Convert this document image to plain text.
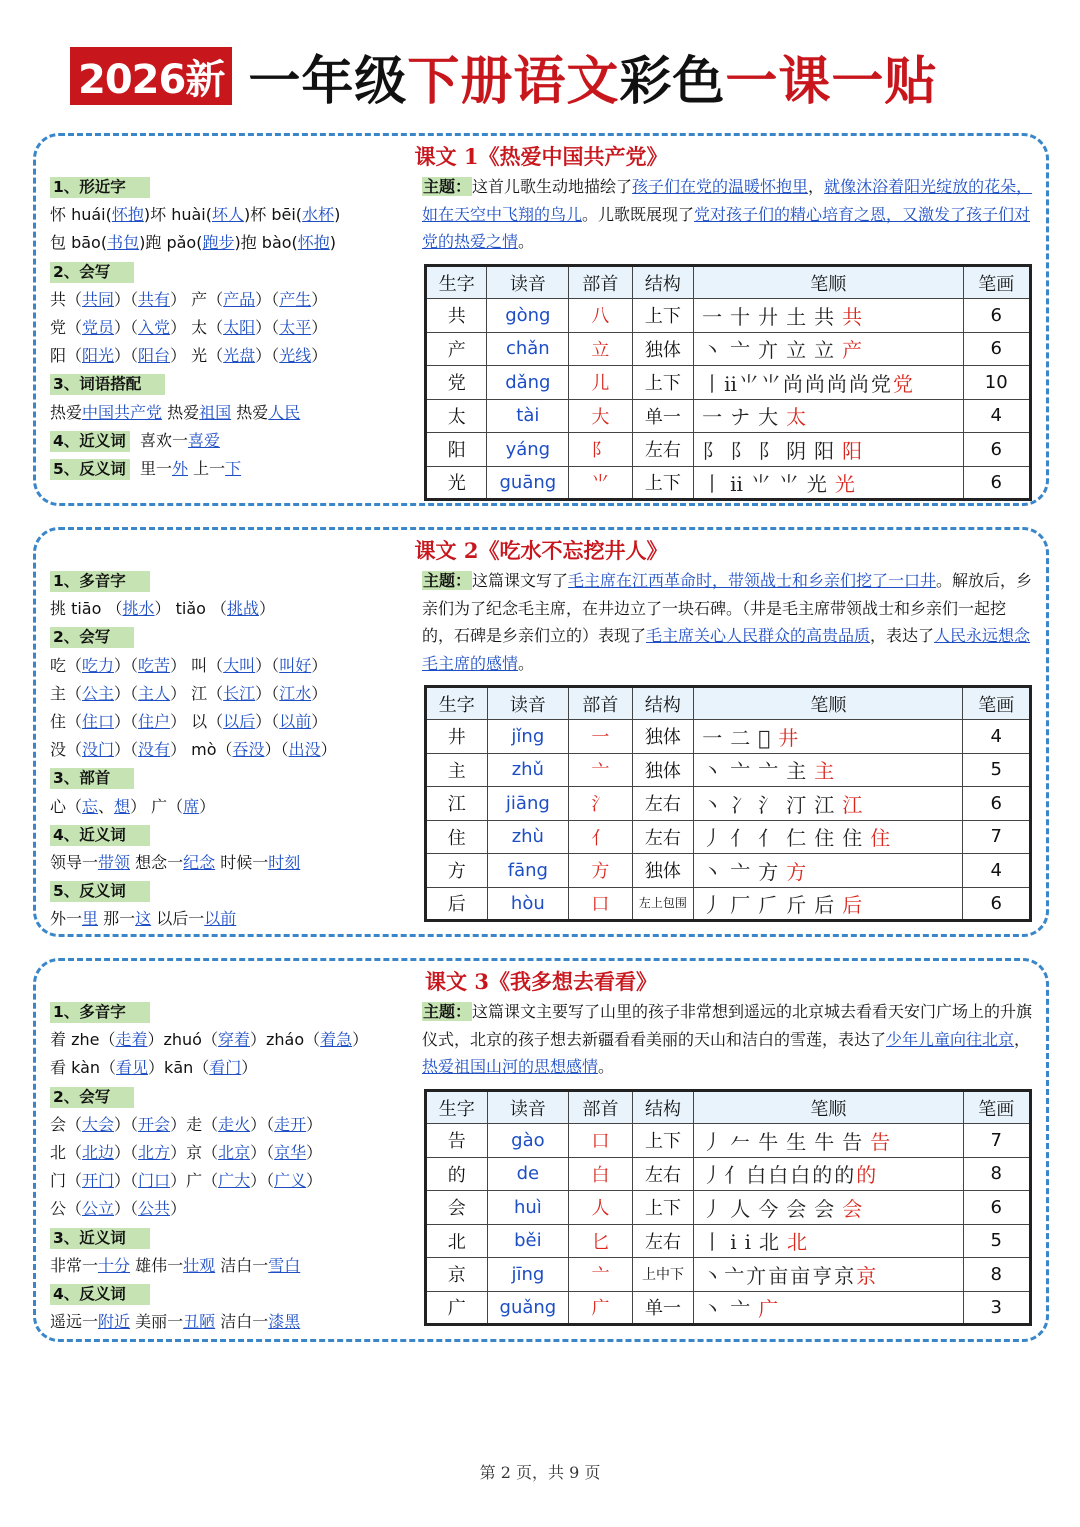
2026新 一年级下册语文彩色一课一贴
课文 1《热爱中国共产党》
1、形近字
怀 huái(怀抱)坏 huài(坏人)杯 bēi(水杯)
包 bāo(书包)跑 pǎo(跑步)抱 bào(怀抱)
2、会写
共（共同）（共有） 产（产品）（产生）
党（党员）（入党） 太（太阳）（太平）
阳（阳光）（阳台） 光（光盘）（光线）
3、词语搭配
热爱中国共产党 热爱祖国 热爱人民
4、近义词 喜欢一喜爱
5、反义词 里一外 上一下
主题：这首儿歌生动地描绘了孩子们在党的温暖怀抱里，就像沐浴着阳光绽放的花朵，如在天空中飞翔的鸟儿。儿歌既展现了党对孩子们的精心培育之恩，又激发了孩子们对党的热爱之情。
生字	读音	部首	结构	笔顺	笔画
共	gòng	八	上下	一十廾土共共	6
产	chǎn	立	独体	丶亠亣立立产	6
党	dǎng	儿	上下	丨ⅱ⺌⺌尚尚尚尚党党	10
太	tài	大	单一	一ナ大太	4
阳	yáng	阝	左右	阝阝阝阴阳阳	6
光	guāng	⺌	上下	丨ⅱ⺌⺌光光	6
课文 2《吃水不忘挖井人》
1、多音字
挑 tiāo （挑水） tiǎo （挑战）
2、会写
吃（吃力）（吃苦） 叫（大叫）（叫好）
主（公主）（主人） 江（长江）（江水）
住（住口）（住户） 以（以后）（以前）
没（没门）（没有） mò（吞没）（出没）
3、部首
心（忘、想） 广（席）
4、近义词
领导一带领 想念一纪念 时候一时刻
5、反义词
外一里 那一这 以后一以前
主题：这篇课文写了毛主席在江西革命时，带领战士和乡亲们挖了一口井。解放后，乡亲们为了纪念毛主席，在井边立了一块石碑。（井是毛主席带领战士和乡亲们一起挖的，石碑是乡亲们立的）表现了毛主席关心人民群众的高贵品质，表达了人民永远想念毛主席的感情。
生字	读音	部首	结构	笔顺	笔画
井	jǐng	一	独体	一二𠂦井	4
主	zhǔ	亠	独体	丶亠亠主主	5
江	jiāng	氵	左右	丶冫氵汀江江	6
住	zhù	亻	左右	丿亻亻仁住住住	7
方	fāng	方	独体	丶亠方方	4
后	hòu	口	左上包围	丿厂𠂆斤后后	6
课文 3《我多想去看看》
1、多音字
着 zhe（走着）zhuó（穿着）zháo（着急）
看 kàn（看见）kān（看门）
2、会写
会（大会）（开会）走（走火）（走开）
北（北边）（北方）京（北京）（京华）
门（开门）（门口）广（广大）（广义）
公（公立）（公共）
3、近义词
非常一十分 雄伟一壮观 洁白一雪白
4、反义词
遥远一附近 美丽一丑陋 洁白一漆黑
主题：这篇课文主要写了山里的孩子非常想到遥远的北京城去看看天安门广场上的升旗仪式，北京的孩子想去新疆看看美丽的天山和洁白的雪莲，表达了少年儿童向往北京，热爱祖国山河的思想感情。
生字	读音	部首	结构	笔顺	笔画
告	gào	口	上下	丿𠂉牛生牛告告	7
的	de	白	左右	丿亻白白白的的的	8
会	huì	人	上下	丿人今会会会	6
北	běi	匕	左右	丨ⅰⅰ北北	5
京	jīng	亠	上中下	丶亠亣亩亩亨京京	8
广	guǎng	广	单一	丶亠广	3
第 2 页，共 9 页
